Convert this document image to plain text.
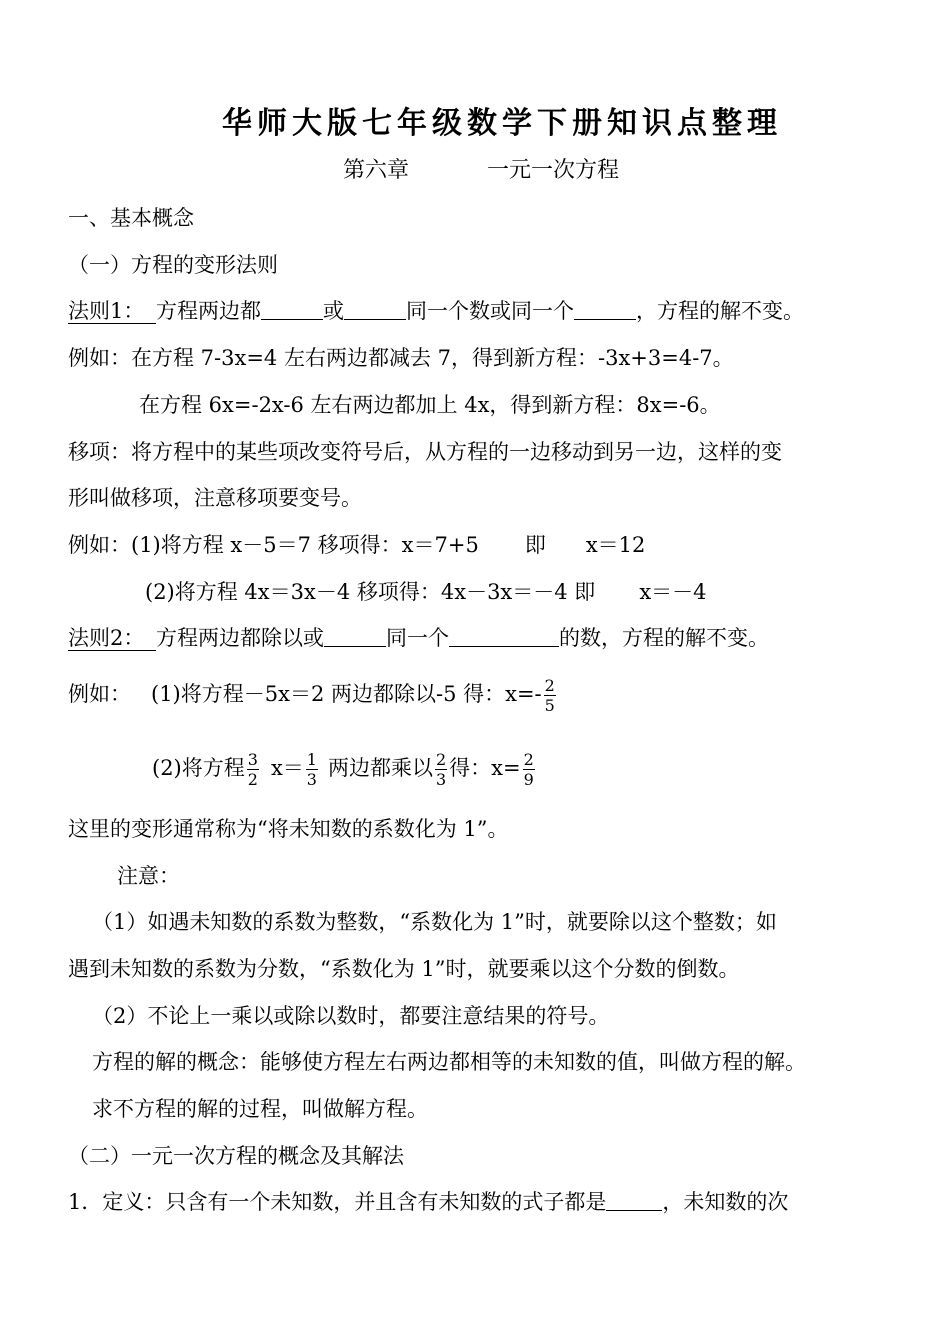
华师大版七年级数学下册知识点整理
第六章	一元一次方程
一、基本概念
（一）方程的变形法则
法则1： 方程两边都	或	同一个数或同一个	，方程的解不变。
例如：在方程 7-3x=4 左右两边都减去 7，得到新方程：-3x+3=4-7。
在方程 6x=-2x-6 左右两边都加上 4x，得到新方程：8x=-6。
移项：将方程中的某些项改变符号后，从方程的一边移动到另一边，这样的变
形叫做移项，注意移项要变号。
例如：(1)将方程 x－5＝7 移项得：x＝7+5 即 x＝12
(2)将方程 4x＝3x－4 移项得：4x－3x＝－4 即 x＝－4
法则2： 方程两边都除以或	同一个	的数，方程的解不变。
例如： (1)将方程－5x＝2 两边都除以-5 得：$x=- \frac{2}{5}$
(2)将方程 $\frac{3}{2} x= \frac{1}{3}$ 两边都乘以 $\frac{2}{3}$ 得：$x= \frac{2}{9}$
这里的变形通常称为“将未知数的系数化为 1”。
注意：
（1）如遇未知数的系数为整数，“系数化为 1”时，就要除以这个整数；如
遇到未知数的系数为分数，“系数化为 1”时，就要乘以这个分数的倒数。
（2）不论上一乘以或除以数时，都要注意结果的符号。
方程的解的概念：能够使方程左右两边都相等的未知数的值，叫做方程的解。
求不方程的解的过程，叫做解方程。
（二）一元一次方程的概念及其解法
1．定义：只含有一个未知数，并且含有未知数的式子都是	，未知数的次
